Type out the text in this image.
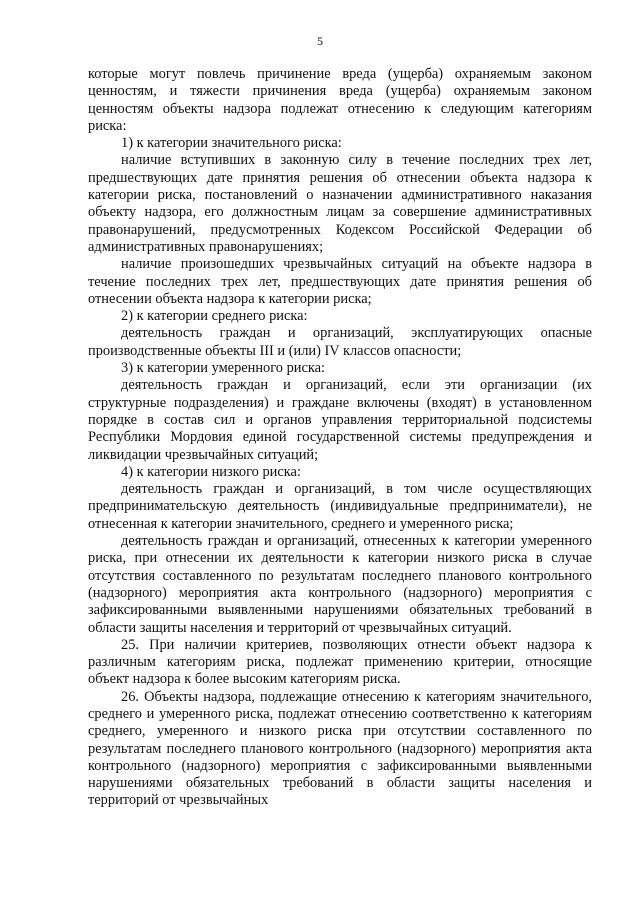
5

которые могут повлечь причинение вреда (ущерба) охраняемым законом ценностям, и тяжести причинения вреда (ущерба) охраняемым законом ценностям объекты надзора подлежат отнесению к следующим категориям риска:

1) к категории значительного риска:

наличие вступивших в законную силу в течение последних трех лет, предшествующих дате принятия решения об отнесении объекта надзора к категории риска, постановлений о назначении административного наказания объекту надзора, его должностным лицам за совершение административных правонарушений, предусмотренных Кодексом Российской Федерации об административных правонарушениях;

наличие произошедших чрезвычайных ситуаций на объекте надзора в течение последних трех лет, предшествующих дате принятия решения об отнесении объекта надзора к категории риска;

2) к категории среднего риска:

деятельность граждан и организаций, эксплуатирующих опасные производственные объекты III и (или) IV классов опасности;

3) к категории умеренного риска:

деятельность граждан и организаций, если эти организации (их структурные подразделения) и граждане включены (входят) в установленном порядке в состав сил и органов управления территориальной подсистемы Республики Мордовия единой государственной системы предупреждения и ликвидации чрезвычайных ситуаций;

4) к категории низкого риска:

деятельность граждан и организаций, в том числе осуществляющих предпринимательскую деятельность (индивидуальные предприниматели), не отнесенная к категории значительного, среднего и умеренного риска;

деятельность граждан и организаций, отнесенных к категории умеренного риска, при отнесении их деятельности к категории низкого риска в случае отсутствия составленного по результатам последнего планового контрольного (надзорного) мероприятия акта контрольного (надзорного) мероприятия с зафиксированными выявленными нарушениями обязательных требований в области защиты населения и территорий от чрезвычайных ситуаций.

25. При наличии критериев, позволяющих отнести объект надзора к различным категориям риска, подлежат применению критерии, относящие объект надзора к более высоким категориям риска.

26. Объекты надзора, подлежащие отнесению к категориям значительного, среднего и умеренного риска, подлежат отнесению соответственно к категориям среднего, умеренного и низкого риска при отсутствии составленного по результатам последнего планового контрольного (надзорного) мероприятия акта контрольного (надзорного) мероприятия с зафиксированными выявленными нарушениями обязательных требований в области защиты населения и территорий от чрезвычайных
